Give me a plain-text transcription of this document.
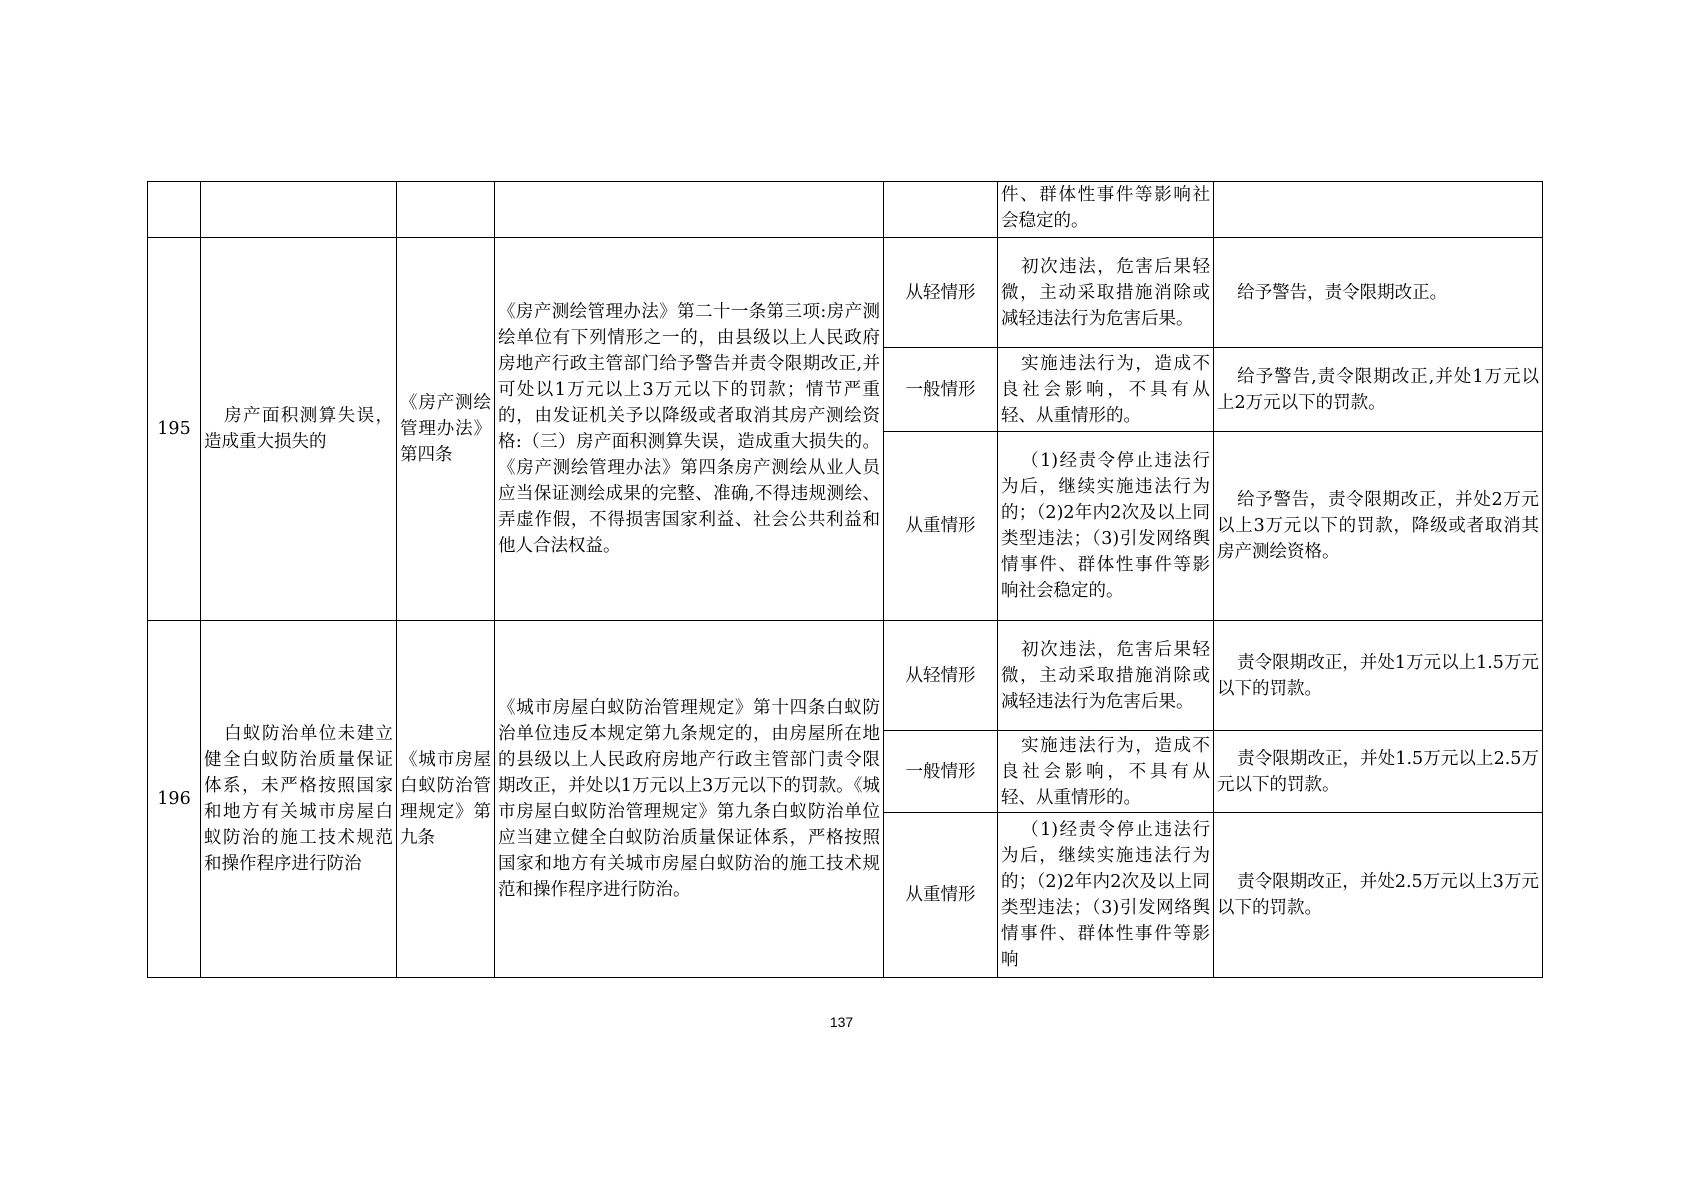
					件、群体性事件等影响社会稳定的。	
195	房产面积测算失误，造成重大损失的	《房产测绘管理办法》第四条	《房产测绘管理办法》第二十一条第三项:房产测绘单位有下列情形之一的，由县级以上人民政府房地产行政主管部门给予警告并责令限期改正,并可处以1万元以上3万元以下的罚款；情节严重的，由发证机关予以降级或者取消其房产测绘资格:（三）房产面积测算失误，造成重大损失的。《房产测绘管理办法》第四条房产测绘从业人员应当保证测绘成果的完整、准确,不得违规测绘、弄虚作假，不得损害国家利益、社会公共利益和他人合法权益。	从轻情形	初次违法，危害后果轻微，主动采取措施消除或减轻违法行为危害后果。	给予警告，责令限期改正。
				一般情形	实施违法行为，造成不良社会影响，不具有从轻、从重情形的。	给予警告,责令限期改正,并处1万元以上2万元以下的罚款。
				从重情形	（1)经责令停止违法行为后，继续实施违法行为的；（2)2年内2次及以上同类型违法；（3)引发网络舆情事件、群体性事件等影响社会稳定的。	给予警告，责令限期改正，并处2万元以上3万元以下的罚款，降级或者取消其房产测绘资格。
196	白蚁防治单位未建立健全白蚁防治质量保证体系，未严格按照国家和地方有关城市房屋白蚁防治的施工技术规范和操作程序进行防治	《城市房屋白蚁防治管理规定》第九条	《城市房屋白蚁防治管理规定》第十四条白蚁防治单位违反本规定第九条规定的，由房屋所在地的县级以上人民政府房地产行政主管部门责令限期改正，并处以1万元以上3万元以下的罚款。《城市房屋白蚁防治管理规定》第九条白蚁防治单位应当建立健全白蚁防治质量保证体系，严格按照国家和地方有关城市房屋白蚁防治的施工技术规范和操作程序进行防治。	从轻情形	初次违法，危害后果轻微，主动采取措施消除或减轻违法行为危害后果。	责令限期改正，并处1万元以上1.5万元以下的罚款。
				一般情形	实施违法行为，造成不良社会影响，不具有从轻、从重情形的。	责令限期改正，并处1.5万元以上2.5万元以下的罚款。
				从重情形	（1)经责令停止违法行为后，继续实施违法行为的；（2)2年内2次及以上同类型违法；（3)引发网络舆情事件、群体性事件等影响	责令限期改正，并处2.5万元以上3万元以下的罚款。
137
